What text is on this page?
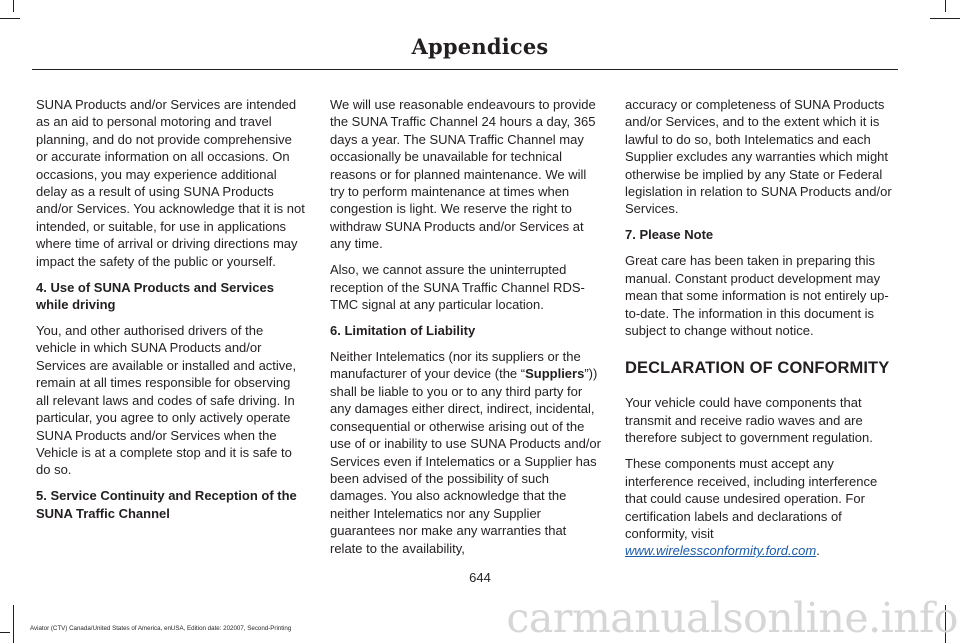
Appendices

SUNA Products and/or Services are intended as an aid to personal motoring and travel planning, and do not provide comprehensive or accurate information on all occasions. On occasions, you may experience additional delay as a result of using SUNA Products and/or Services. You acknowledge that it is not intended, or suitable, for use in applications where time of arrival or driving directions may impact the safety of the public or yourself.

4. Use of SUNA Products and Services while driving

You, and other authorised drivers of the vehicle in which SUNA Products and/or Services are available or installed and active, remain at all times responsible for observing all relevant laws and codes of safe driving. In particular, you agree to only actively operate SUNA Products and/or Services when the Vehicle is at a complete stop and it is safe to do so.

5. Service Continuity and Reception of the SUNA Traffic Channel

We will use reasonable endeavours to provide the SUNA Traffic Channel 24 hours a day, 365 days a year. The SUNA Traffic Channel may occasionally be unavailable for technical reasons or for planned maintenance. We will try to perform maintenance at times when congestion is light. We reserve the right to withdraw SUNA Products and/or Services at any time.

Also, we cannot assure the uninterrupted reception of the SUNA Traffic Channel RDS-TMC signal at any particular location.

6. Limitation of Liability

Neither Intelematics (nor its suppliers or the manufacturer of your device (the “Suppliers”)) shall be liable to you or to any third party for any damages either direct, indirect, incidental, consequential or otherwise arising out of the use of or inability to use SUNA Products and/or Services even if Intelematics or a Supplier has been advised of the possibility of such damages. You also acknowledge that the neither Intelematics nor any Supplier guarantees nor make any warranties that relate to the availability,

accuracy or completeness of SUNA Products and/or Services, and to the extent which it is lawful to do so, both Intelematics and each Supplier excludes any warranties which might otherwise be implied by any State or Federal legislation in relation to SUNA Products and/or Services.

7. Please Note

Great care has been taken in preparing this manual. Constant product development may mean that some information is not entirely up-to-date. The information in this document is subject to change without notice.

DECLARATION OF CONFORMITY

Your vehicle could have components that transmit and receive radio waves and are therefore subject to government regulation.

These components must accept any interference received, including interference that could cause undesired operation. For certification labels and declarations of conformity, visit www.wirelessconformity.ford.com.

644
Aviator (CTV) Canada/United States of America, enUSA, Edition date: 202007, Second-Printing	carmanualsonline.info
